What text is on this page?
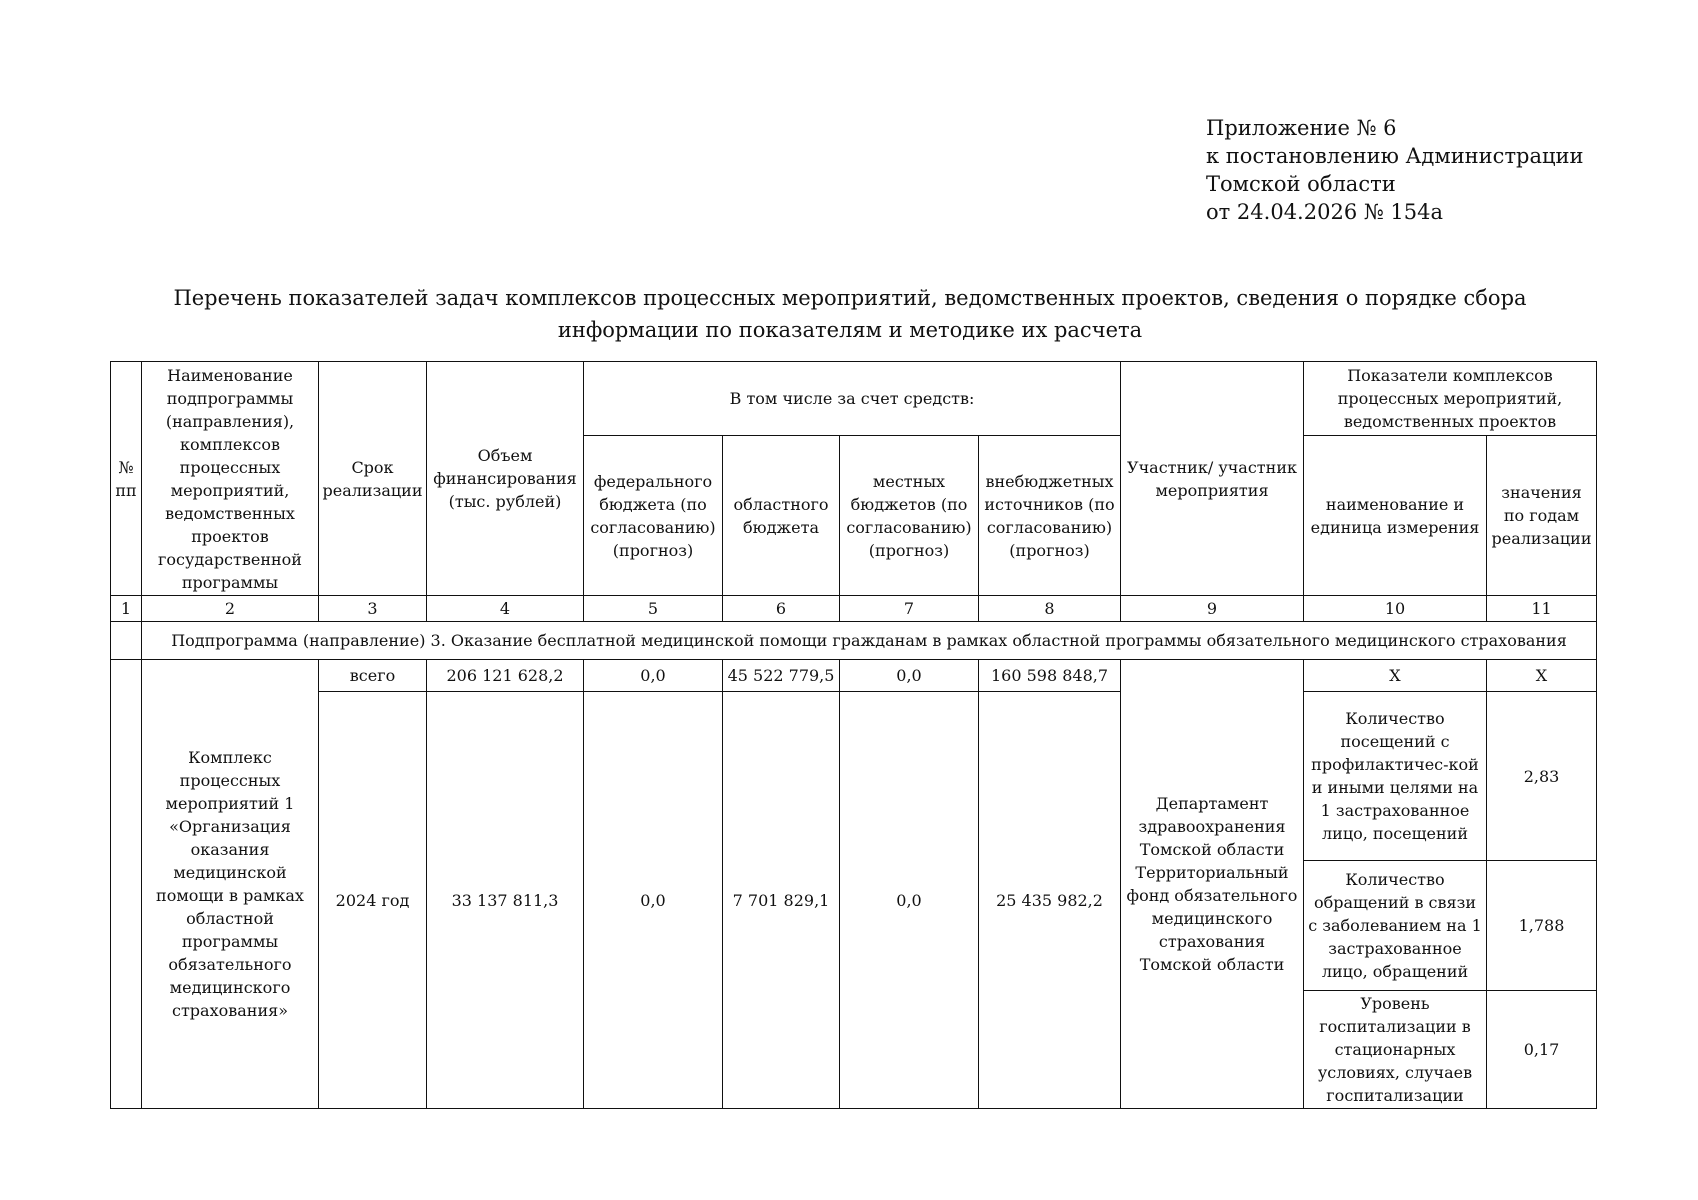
Приложение № 6
к постановлению Администрации
Томской области
от 24.04.2026 № 154а
Перечень показателей задач комплексов процессных мероприятий, ведомственных проектов, сведения о порядке сбора
информации по показателям и методике их расчета
№ пп	Наименование подпрограммы (направления), комплексов процессных мероприятий, ведомственных проектов государственной программы	Срок реализации	Объем финансирования (тыс. рублей)	В том числе за счет средств:				Участник/ участник мероприятия	Показатели комплексов процессных мероприятий, ведомственных проектов	
				федерального бюджета (по согласованию) (прогноз)	областного бюджета	местных бюджетов (по согласованию) (прогноз)	внебюджетных источников (по согласованию) (прогноз)		наименование и единица измерения	значения по годам реализации
1	2	3	4	5	6	7	8	9	10	11
	Подпрограмма (направление) 3. Оказание бесплатной медицинской помощи гражданам в рамках областной программы обязательного медицинского страхования									
	Комплекс процессных мероприятий 1 «Организация оказания медицинской помощи в рамках областной программы обязательного медицинского страхования»	всего	206 121 628,2	0,0	45 522 779,5	0,0	160 598 848,7	Департамент здравоохранения Томской области Территориальный фонд обязательного медицинского страхования Томской области	Х	Х
		2024 год	33 137 811,3	0,0	7 701 829,1	0,0	25 435 982,2		Количество посещений с профилактичес-кой и иными целями на 1 застрахованное лицо, посещений	2,83
									Количество обращений в связи с заболеванием на 1 застрахованное лицо, обращений	1,788
									Уровень госпитализации в стационарных условиях, случаев госпитализации	0,17
